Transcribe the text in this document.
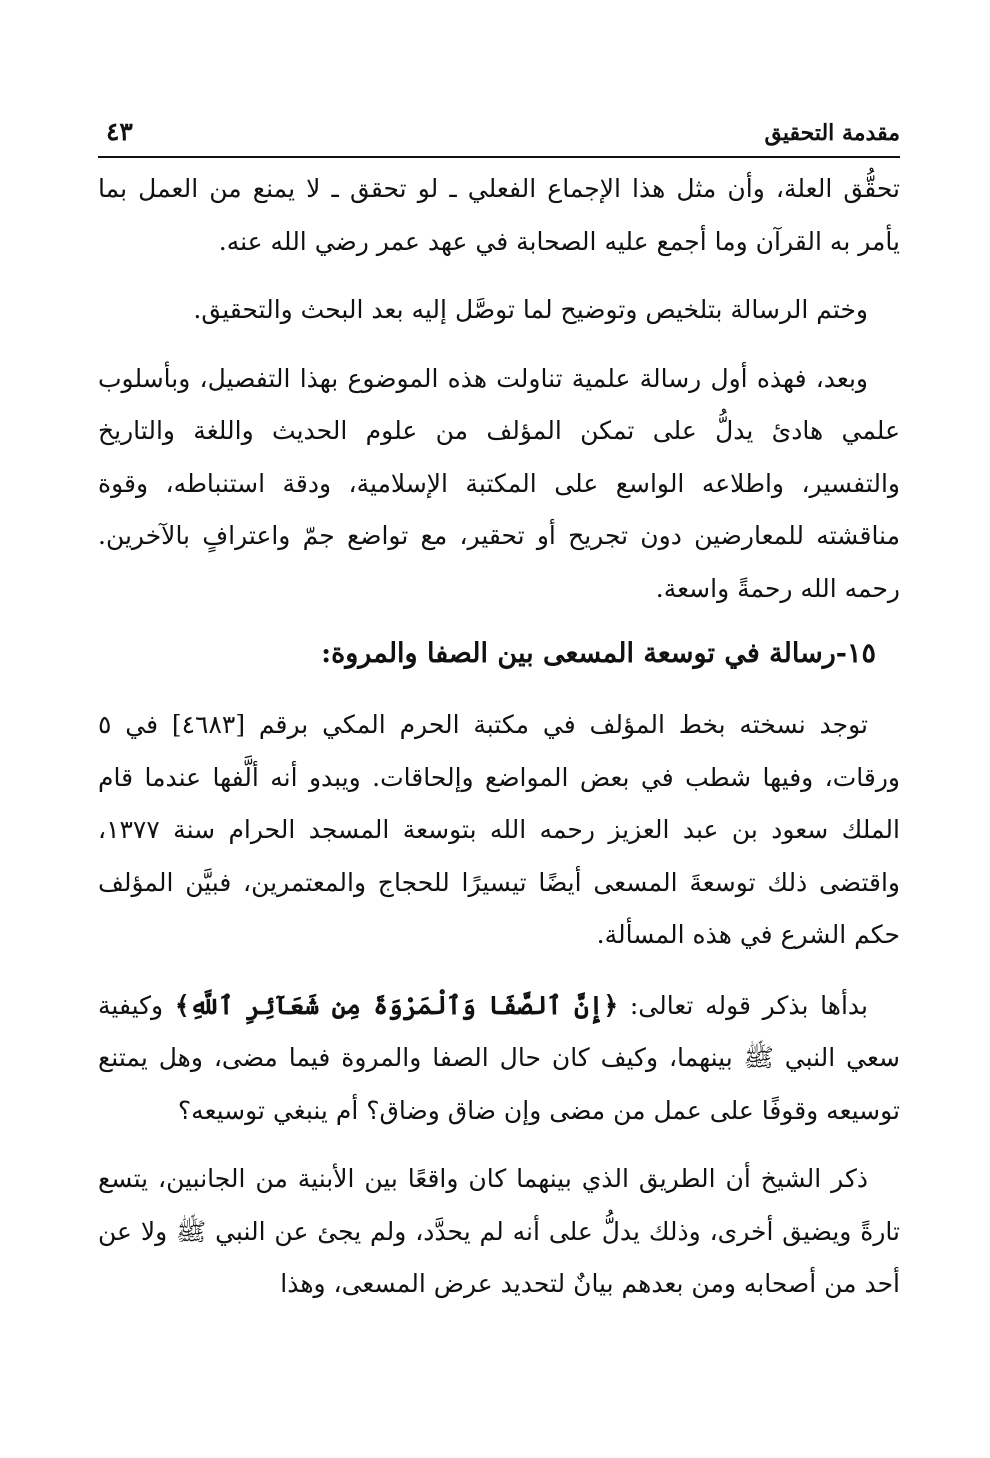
مقدمة التحقيق
٤٣

تحقُّق العلة، وأن مثل هذا الإجماع الفعلي ـ لو تحقق ـ لا يمنع من العمل بما يأمر به القرآن وما أجمع عليه الصحابة في عهد عمر رضي الله عنه.

وختم الرسالة بتلخيص وتوضيح لما توصَّل إليه بعد البحث والتحقيق.

وبعد، فهذه أول رسالة علمية تناولت هذه الموضوع بهذا التفصيل، وبأسلوب علمي هادئ يدلُّ على تمكن المؤلف من علوم الحديث واللغة والتاريخ والتفسير، واطلاعه الواسع على المكتبة الإسلامية، ودقة استنباطه، وقوة مناقشته للمعارضين دون تجريح أو تحقير، مع تواضع جمّ واعترافٍ بالآخرين. رحمه الله رحمةً واسعة.

١٥-رسالة في توسعة المسعى بين الصفا والمروة:

توجد نسخته بخط المؤلف في مكتبة الحرم المكي برقم [٤٦٨٣] في ٥ ورقات، وفيها شطب في بعض المواضع وإلحاقات. ويبدو أنه ألَّفها عندما قام الملك سعود بن عبد العزيز رحمه الله بتوسعة المسجد الحرام سنة ١٣٧٧، واقتضى ذلك توسعةَ المسعى أيضًا تيسيرًا للحجاج والمعتمرين، فبيَّن المؤلف حكم الشرع في هذه المسألة.

بدأها بذكر قوله تعالى: ﴿إِنَّ ٱلصَّفَا وَٱلْمَرْوَةَ مِن شَعَآئِرِ ٱللَّهِ﴾ وكيفية سعي النبي ﷺ بينهما، وكيف كان حال الصفا والمروة فيما مضى، وهل يمتنع توسيعه وقوفًا على عمل من مضى وإن ضاق وضاق؟ أم ينبغي توسيعه؟

ذكر الشيخ أن الطريق الذي بينهما كان واقعًا بين الأبنية من الجانبين، يتسع تارةً ويضيق أخرى، وذلك يدلُّ على أنه لم يحدَّد، ولم يجئ عن النبي ﷺ ولا عن أحد من أصحابه ومن بعدهم بيانٌ لتحديد عرض المسعى، وهذا
